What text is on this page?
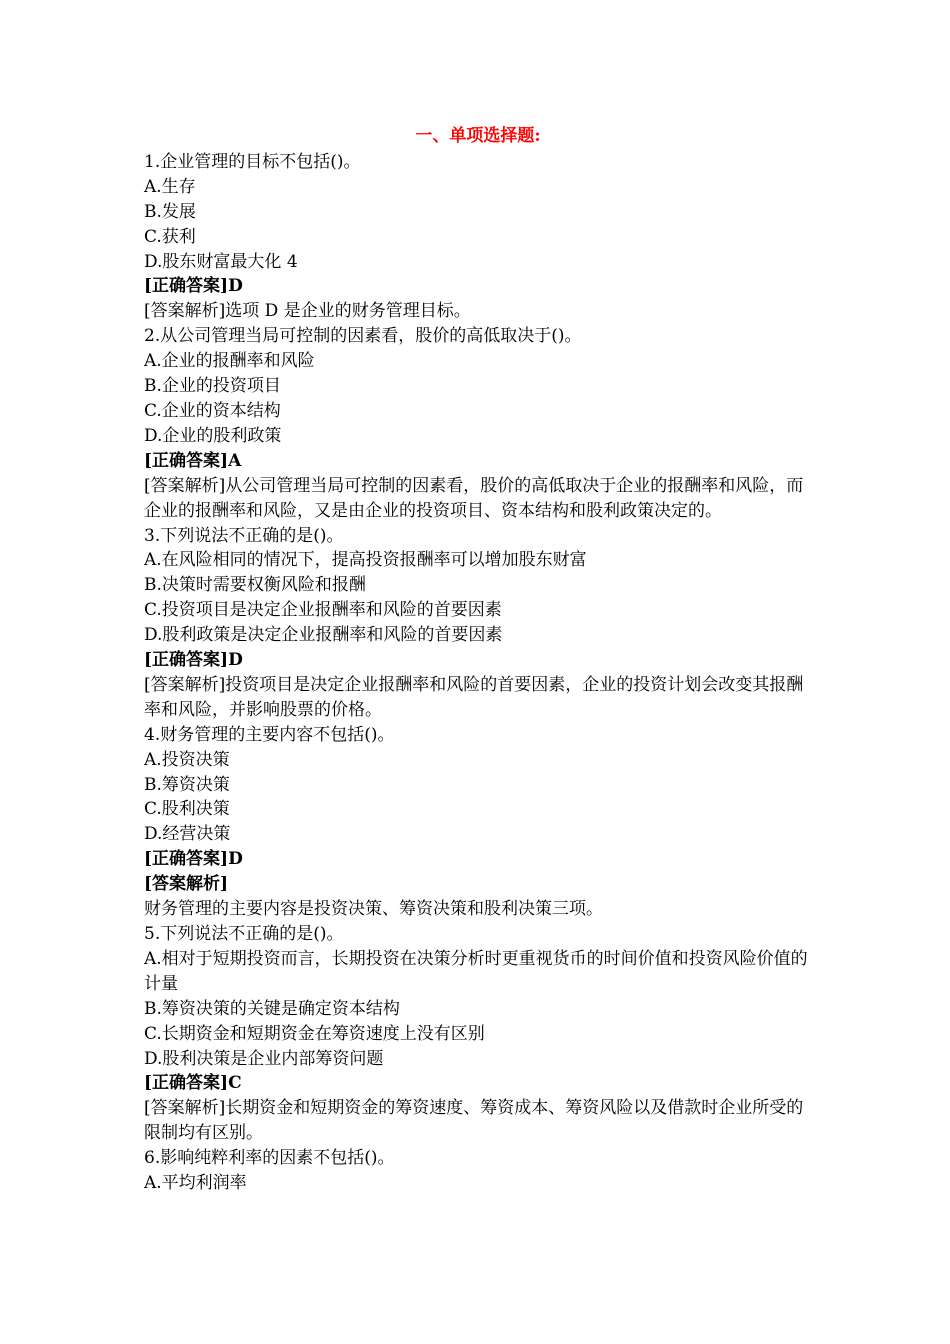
一、单项选择题:
1.企业管理的目标不包括()。
A.生存
B.发展
C.获利
D.股东财富最大化 4
[正确答案]D
[答案解析]选项 D 是企业的财务管理目标。
2.从公司管理当局可控制的因素看，股价的高低取决于()。
A.企业的报酬率和风险
B.企业的投资项目
C.企业的资本结构
D.企业的股利政策
[正确答案]A
[答案解析]从公司管理当局可控制的因素看，股价的高低取决于企业的报酬率和风险，而企业的报酬率和风险，又是由企业的投资项目、资本结构和股利政策决定的。
3.下列说法不正确的是()。
A.在风险相同的情况下，提高投资报酬率可以增加股东财富
B.决策时需要权衡风险和报酬
C.投资项目是决定企业报酬率和风险的首要因素
D.股利政策是决定企业报酬率和风险的首要因素
[正确答案]D
[答案解析]投资项目是决定企业报酬率和风险的首要因素，企业的投资计划会改变其报酬率和风险，并影响股票的价格。
4.财务管理的主要内容不包括()。
A.投资决策
B.筹资决策
C.股利决策
D.经营决策
[正确答案]D
[答案解析]
财务管理的主要内容是投资决策、筹资决策和股利决策三项。
5.下列说法不正确的是()。
A.相对于短期投资而言，长期投资在决策分析时更重视货币的时间价值和投资风险价值的计量
B.筹资决策的关键是确定资本结构
C.长期资金和短期资金在筹资速度上没有区别
D.股利决策是企业内部筹资问题
[正确答案]C
[答案解析]长期资金和短期资金的筹资速度、筹资成本、筹资风险以及借款时企业所受的限制均有区别。
6.影响纯粹利率的因素不包括()。
A.平均利润率
